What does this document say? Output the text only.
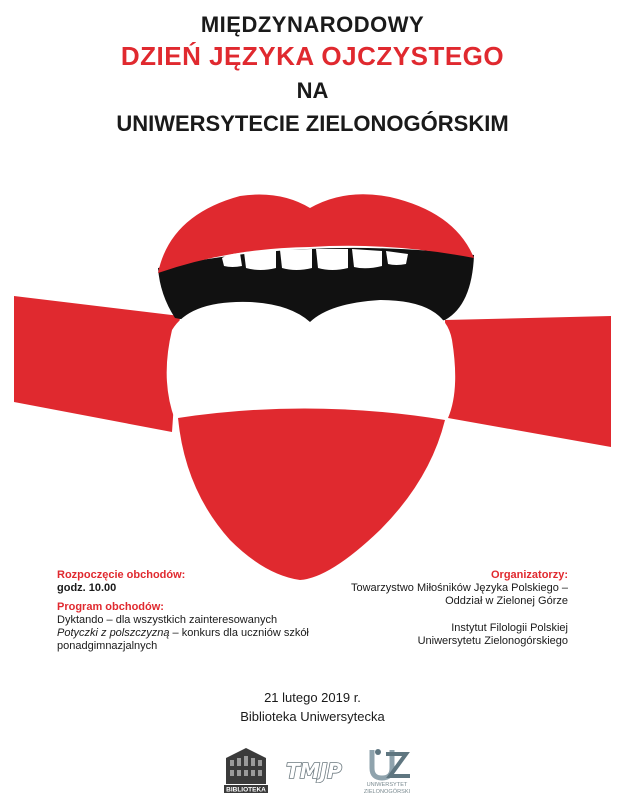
MIĘDZYNARODOWY
DZIEŃ JĘZYKA OJCZYSTEGO
NA
UNIWERSYTECIE ZIELONOGÓRSKIM
Rozpoczęcie obchodów:
godz. 10.00
Program obchodów:
Dyktando – dla wszystkich zainteresowanych
Potyczki z polszczyzną – konkurs dla uczniów szkół
ponadgimnazjalnych
Organizatorzy:
Towarzystwo Miłośników Języka Polskiego –
Oddział w Zielonej Górze
Instytut Filologii Polskiej
Uniwersytetu Zielonogórskiego
21 lutego 2019 r.
Biblioteka Uniwersytecka
BIBLIOTEKA
TMJP
UNIWERSYTET
ZIELONOGÓRSKI
